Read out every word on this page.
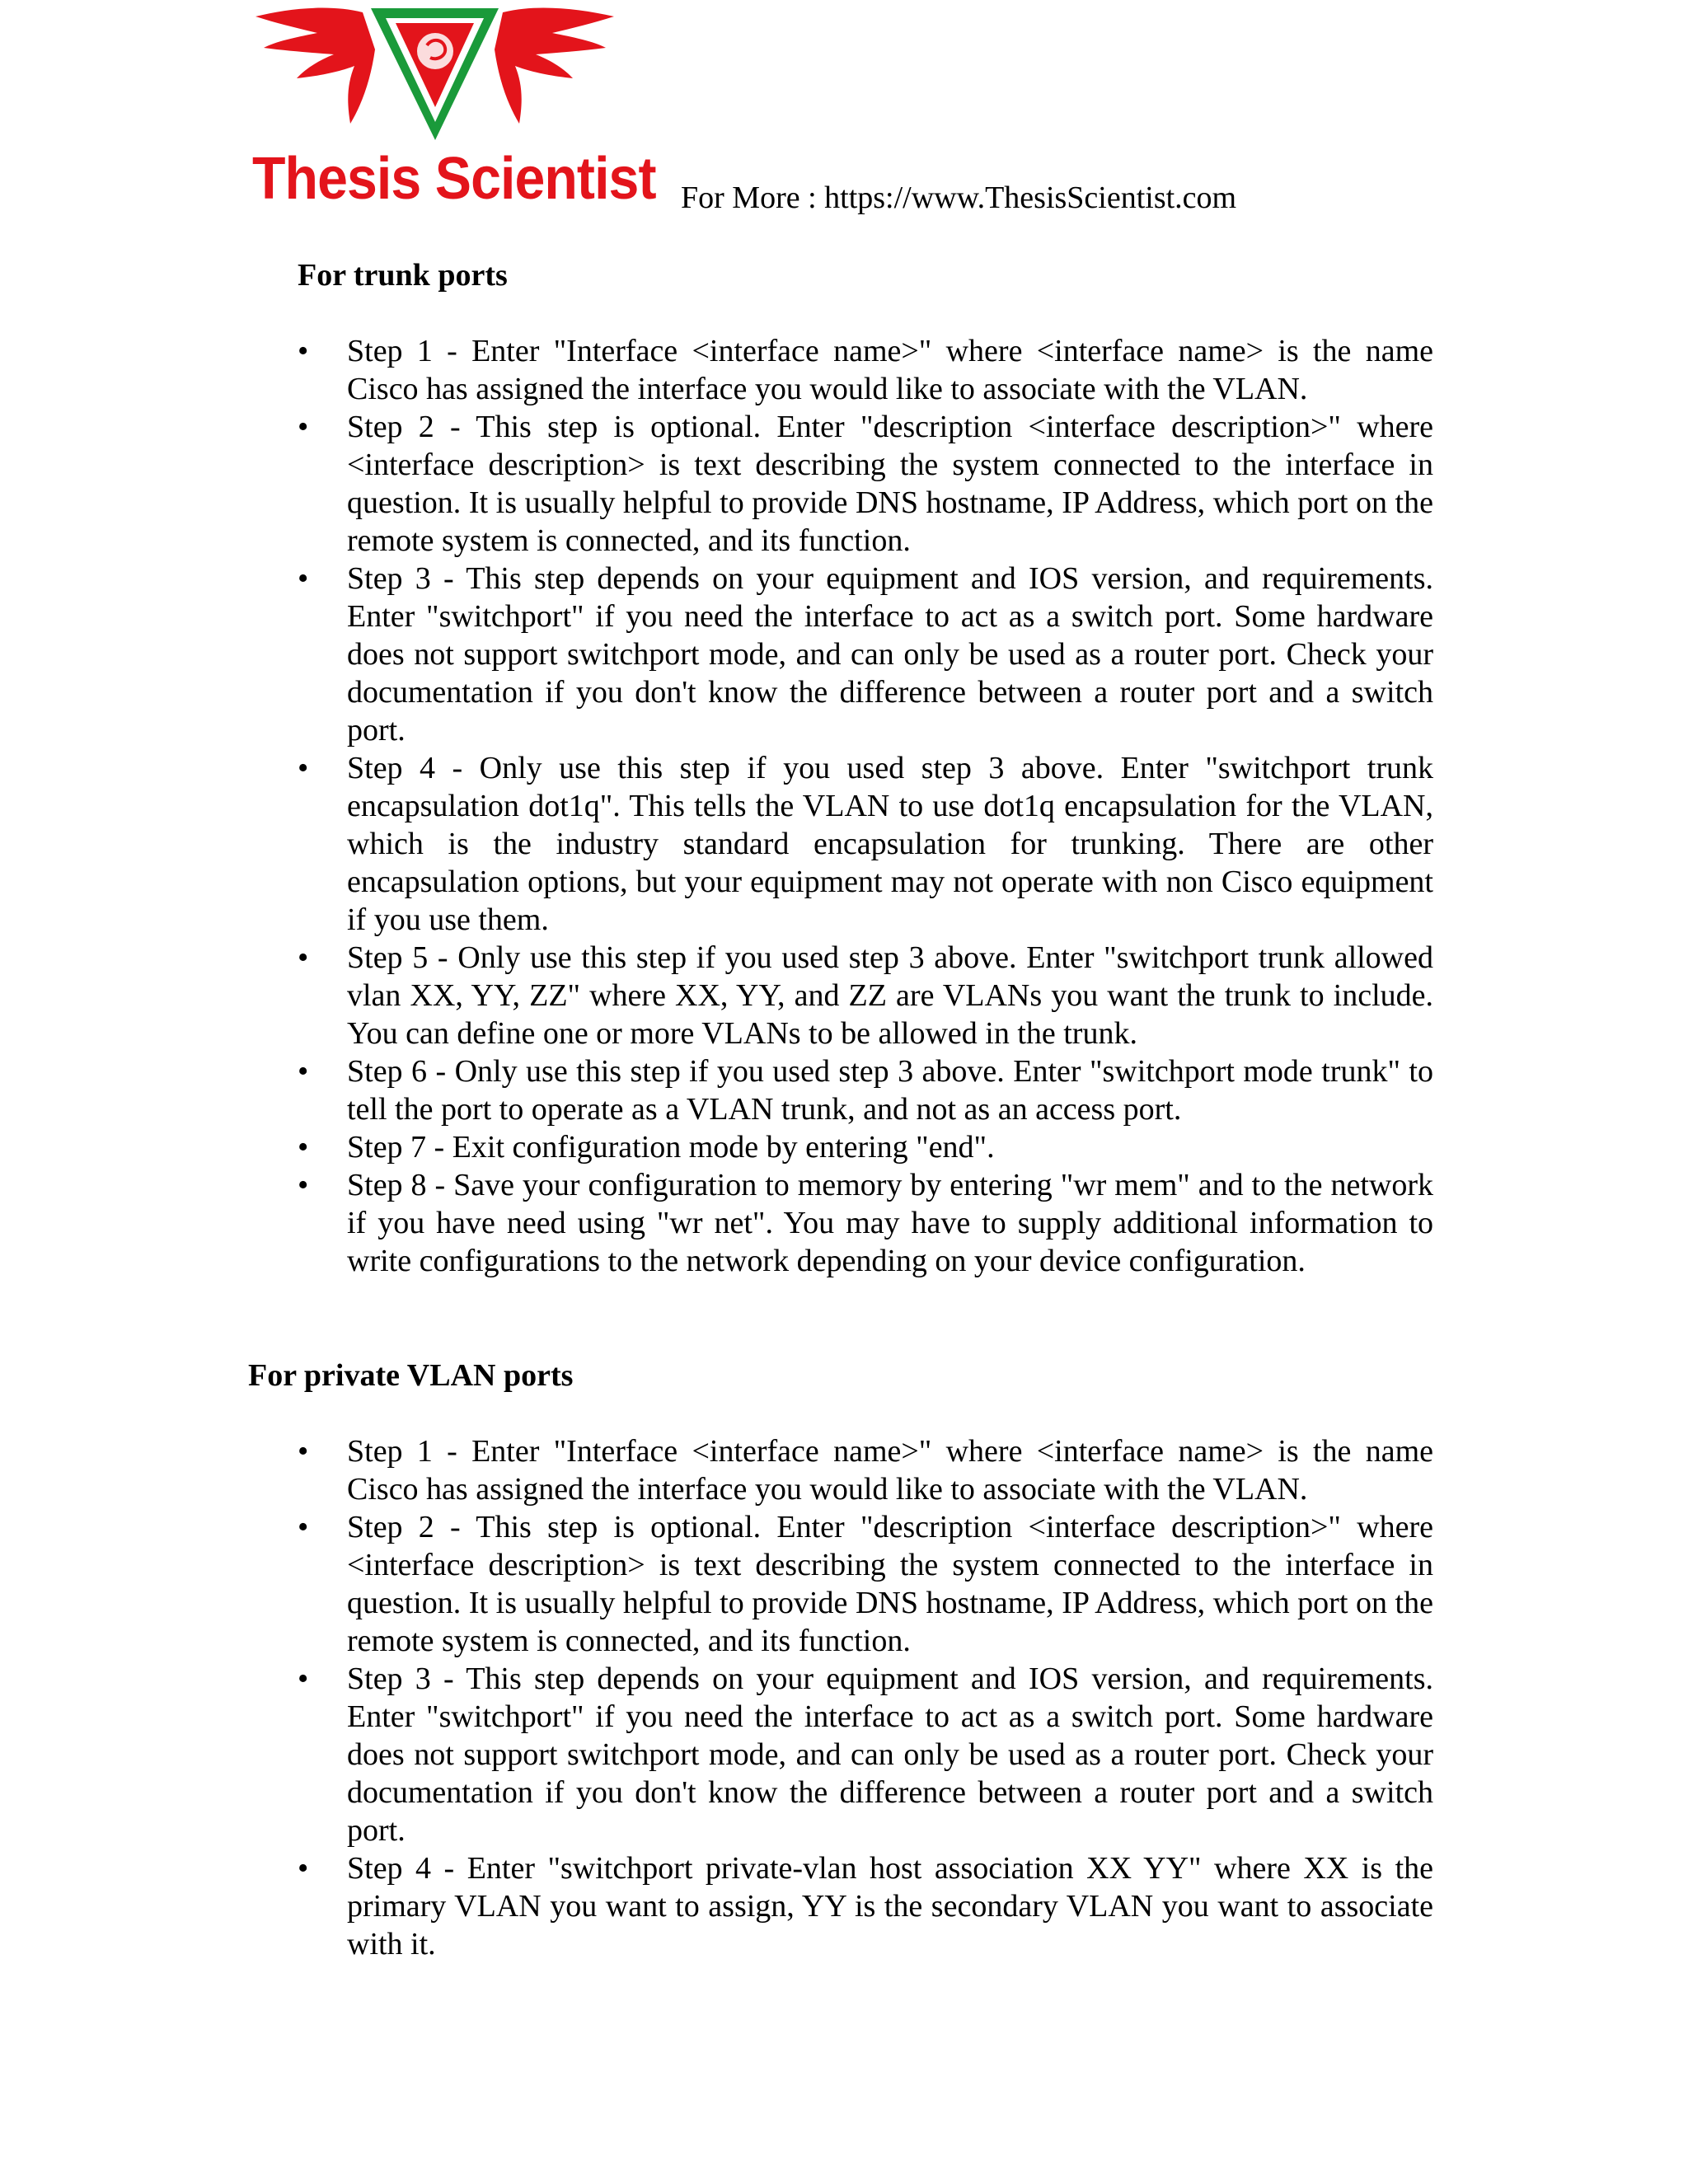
Thesis Scientist For More : https://www.ThesisScientist.com
For trunk ports
•	Step 1 - Enter "Interface <interface name>" where <interface name> is the name Cisco has assigned the interface you would like to associate with the VLAN.
•	Step 2 - This step is optional. Enter "description <interface description>" where <interface description> is text describing the system connected to the interface in question. It is usually helpful to provide DNS hostname, IP Address, which port on the remote system is connected, and its function.
•	Step 3 - This step depends on your equipment and IOS version, and requirements. Enter "switchport" if you need the interface to act as a switch port. Some hardware does not support switchport mode, and can only be used as a router port. Check your documentation if you don't know the difference between a router port and a switch port.
•	Step 4 - Only use this step if you used step 3 above. Enter "switchport trunk encapsulation dot1q". This tells the VLAN to use dot1q encapsulation for the VLAN, which is the industry standard encapsulation for trunking. There are other encapsulation options, but your equipment may not operate with non Cisco equipment if you use them.
•	Step 5 - Only use this step if you used step 3 above. Enter "switchport trunk allowed vlan XX, YY, ZZ" where XX, YY, and ZZ are VLANs you want the trunk to include. You can define one or more VLANs to be allowed in the trunk.
•	Step 6 - Only use this step if you used step 3 above. Enter "switchport mode trunk" to tell the port to operate as a VLAN trunk, and not as an access port.
•	Step 7 - Exit configuration mode by entering "end".
•	Step 8 - Save your configuration to memory by entering "wr mem" and to the network if you have need using "wr net". You may have to supply additional information to write configurations to the network depending on your device configuration.
For private VLAN ports
•	Step 1 - Enter "Interface <interface name>" where <interface name> is the name Cisco has assigned the interface you would like to associate with the VLAN.
•	Step 2 - This step is optional. Enter "description <interface description>" where <interface description> is text describing the system connected to the interface in question. It is usually helpful to provide DNS hostname, IP Address, which port on the remote system is connected, and its function.
•	Step 3 - This step depends on your equipment and IOS version, and requirements. Enter "switchport" if you need the interface to act as a switch port. Some hardware does not support switchport mode, and can only be used as a router port. Check your documentation if you don't know the difference between a router port and a switch port.
•	Step 4 - Enter "switchport private-vlan host association XX YY" where XX is the primary VLAN you want to assign, YY is the secondary VLAN you want to associate with it.
